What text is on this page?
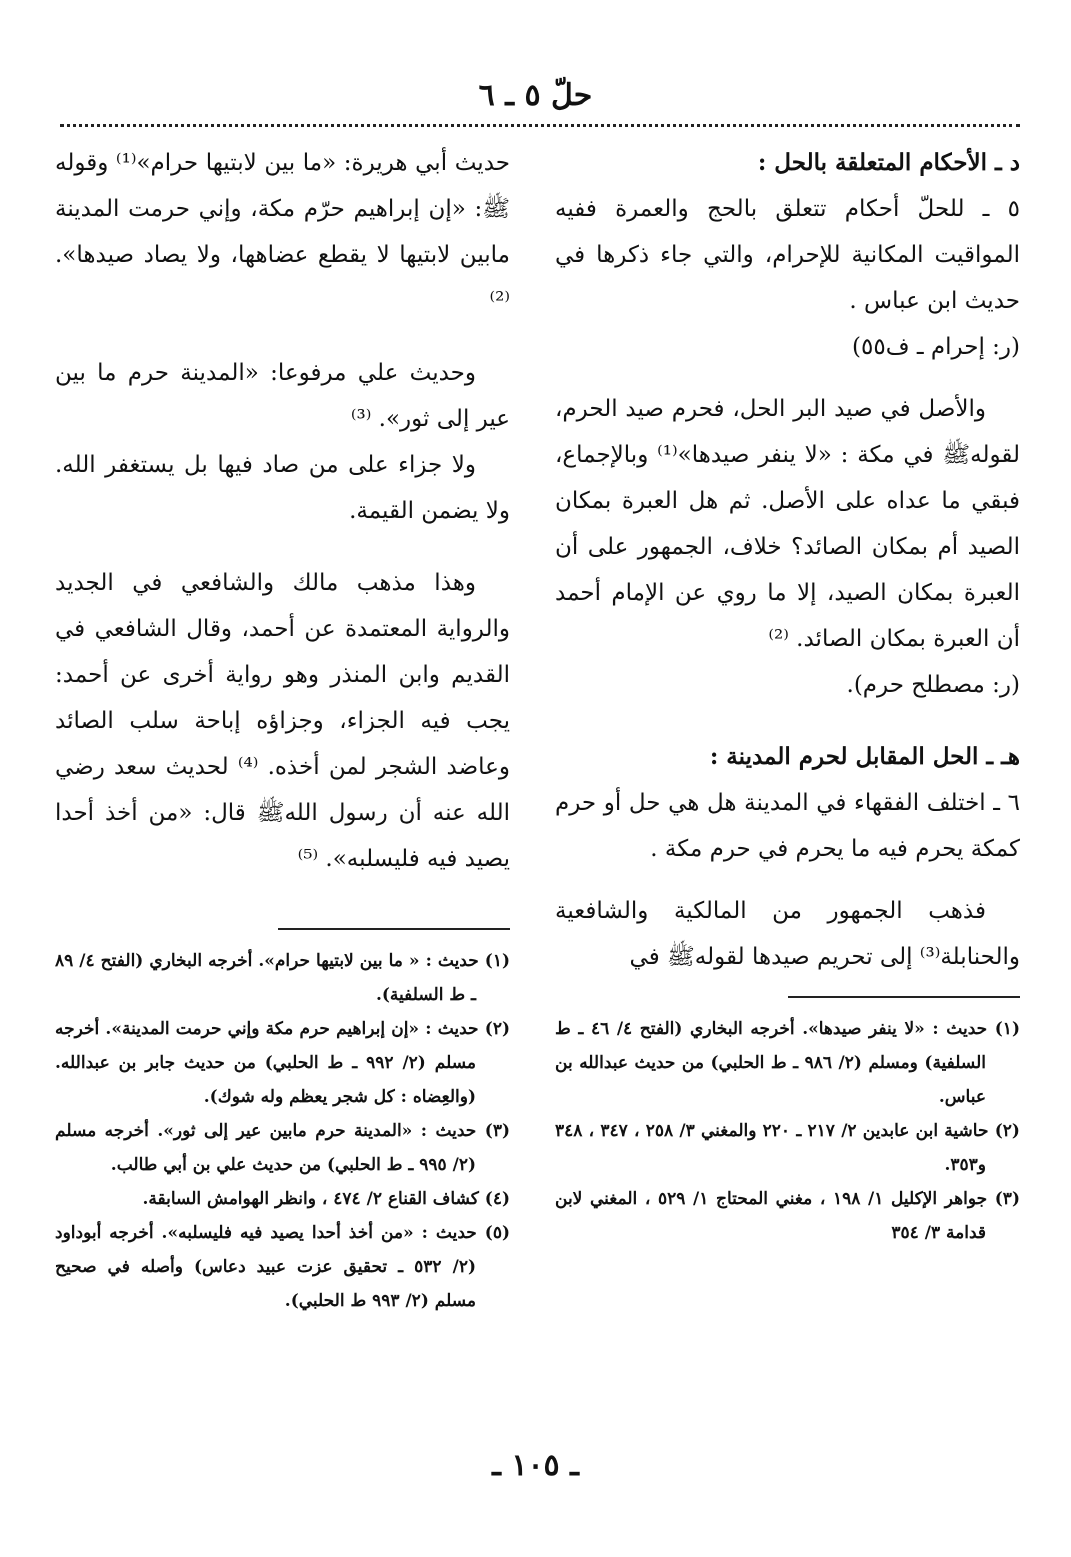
حلّ ٥ ـ ٦

د ـ الأحكام المتعلقة بالحل :

٥ ـ للحلّ أحكام تتعلق بالحج والعمرة ففيه المواقيت المكانية للإحرام، والتي جاء ذكرها في حديث ابن عباس .

(ر: إحرام ـ ف٥٥)

والأصل في صيد البر الحل، فحرم صيد الحرم، لقولهﷺ في مكة : «لا ينفر صيدها»⁽¹⁾ وبالإجماع، فبقي ما عداه على الأصل. ثم هل العبرة بمكان الصيد أم بمكان الصائد؟ خلاف، الجمهور على أن العبرة بمكان الصيد، إلا ما روي عن الإمام أحمد أن العبرة بمكان الصائد. ⁽²⁾

(ر: مصطلح حرم).

هـ ـ الحل المقابل لحرم المدينة :

٦ ـ اختلف الفقهاء في المدينة هل هي حل أو حرم كمكة يحرم فيه ما يحرم في حرم مكة .

فذهب الجمهور من المالكية والشافعية والحنابلة⁽³⁾ إلى تحريم صيدها لقولهﷺ في

(١) حديث : «لا ينفر صيدها». أخرجه البخاري (الفتح ٤/ ٤٦ ـ ط السلفية) ومسلم (٢/ ٩٨٦ ـ ط الحلبي) من حديث عبدالله بن عباس.
(٢) حاشية ابن عابدين ٢/ ٢١٧ ـ ٢٢٠ والمغني ٣/ ٢٥٨ ، ٣٤٧ ، ٣٤٨ و٣٥٣.
(٣) جواهر الإكليل ١/ ١٩٨ ، مغني المحتاج ١/ ٥٢٩ ، المغني لابن قدامة ٣/ ٣٥٤

حديث أبي هريرة: «ما بين لابتيها حرام»⁽¹⁾ وقوله ﷺ: «إن إبراهيم حرّم مكة، وإني حرمت المدينة مابين لابتيها لا يقطع عضاهها، ولا يصاد صيدها». ⁽²⁾

وحديث علي مرفوعا: «المدينة حرم ما بين عير إلى ثور». ⁽³⁾

ولا جزاء على من صاد فيها بل يستغفر الله. ولا يضمن القيمة.

وهذا مذهب مالك والشافعي في الجديد والرواية المعتمدة عن أحمد، وقال الشافعي في القديم وابن المنذر وهو رواية أخرى عن أحمد: يجب فيه الجزاء، وجزاؤه إباحة سلب الصائد وعاضد الشجر لمن أخذه. ⁽⁴⁾ لحديث سعد رضي الله عنه أن رسول اللهﷺ قال: «من أخذ أحدا يصيد فيه فليسلبه». ⁽⁵⁾

(١) حديث : « ما بين لابتيها حرام». أخرجه البخاري (الفتح ٤/ ٨٩ ـ ط السلفية).
(٢) حديث : «إن إبراهيم حرم مكة وإني حرمت المدينة». أخرجه مسلم (٢/ ٩٩٢ ـ ط الحلبي) من حديث جابر بن عبدالله. (والعِضاه : كل شجر يعظم وله شوك).
(٣) حديث : «المدينة حرم مابين عير إلى ثور». أخرجه مسلم (٢/ ٩٩٥ ـ ط الحلبي) من حديث علي بن أبي طالب.
(٤) كشاف القناع ٢/ ٤٧٤ ، وانظر الهوامش السابقة.
(٥) حديث : «من أخذ أحدا يصيد فيه فليسلبه». أخرجه أبوداود (٢/ ٥٣٢ ـ تحقيق عزت عبيد دعاس) وأصله في صحيح مسلم (٢/ ٩٩٣ ط الحلبي).
ـ ١٠٥ ـ
